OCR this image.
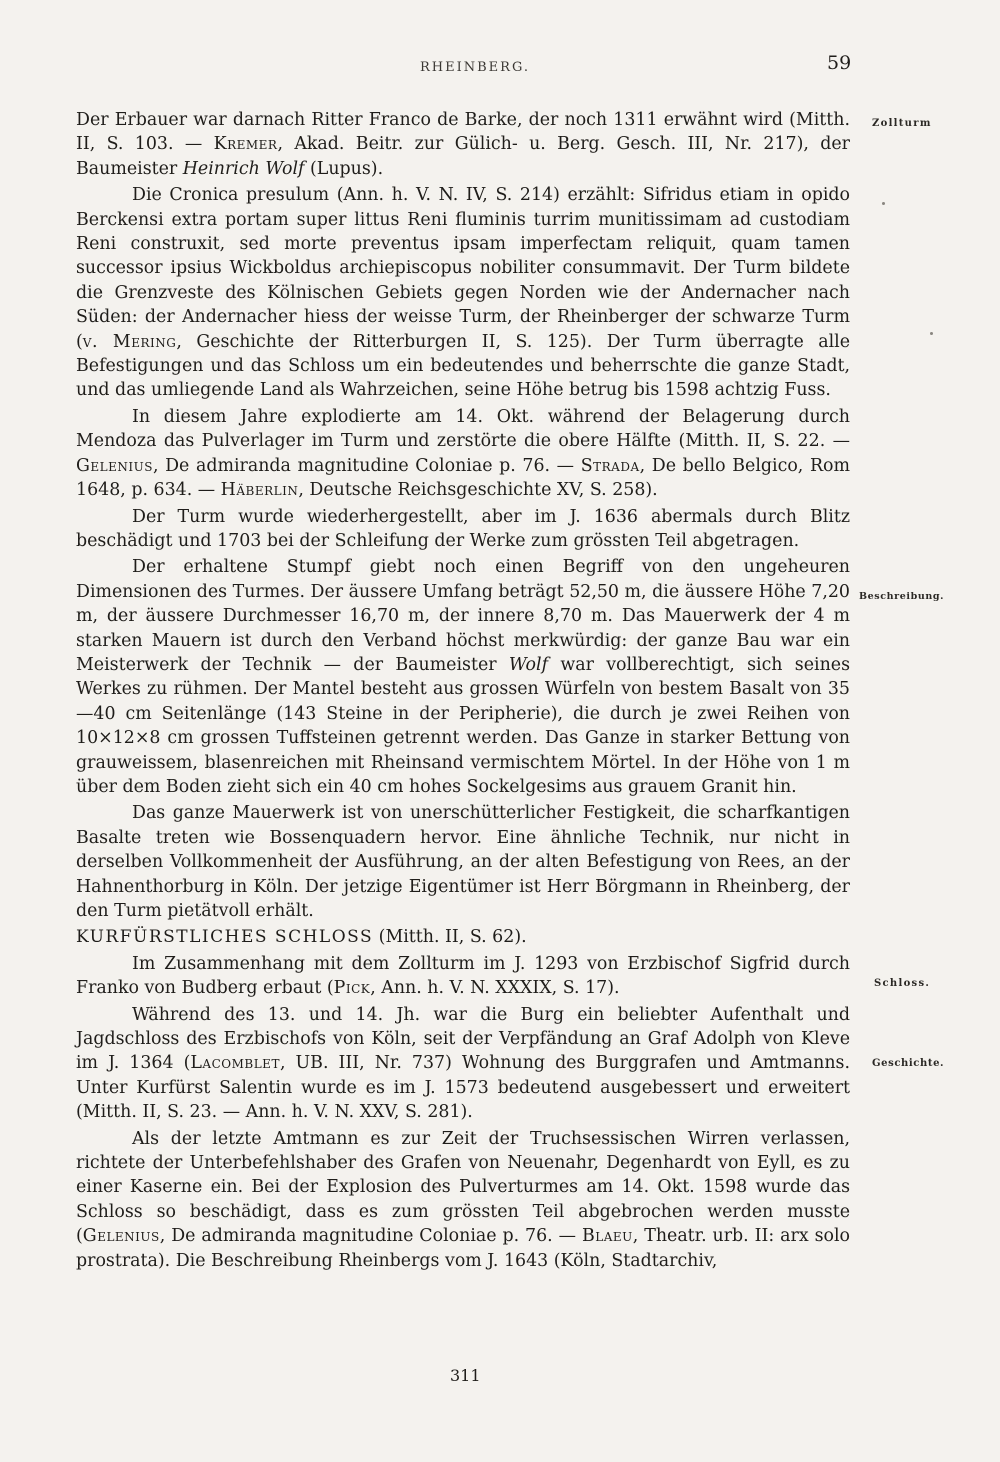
RHEINBERG.	59
Zollturm
Beschreibung.
Schloss.
Geschichte.

Der Erbauer war darnach Ritter Franco de Barke, der noch 1311 erwähnt wird (Mitth. II, S. 103. — Kremer, Akad. Beitr. zur Gülich- u. Berg. Gesch. III, Nr. 217), der Baumeister Heinrich Wolf (Lupus).

Die Cronica presulum (Ann. h. V. N. IV, S. 214) erzählt: Sifridus etiam in opido Berckensi extra portam super littus Reni fluminis turrim munitissimam ad custodiam Reni construxit, sed morte preventus ipsam imperfectam reliquit, quam tamen successor ipsius Wickboldus archiepiscopus nobiliter consummavit. Der Turm bildete die Grenzveste des Kölnischen Gebiets gegen Norden wie der Andernacher nach Süden: der Andernacher hiess der weisse Turm, der Rheinberger der schwarze Turm (v. Mering, Geschichte der Ritterburgen II, S. 125). Der Turm überragte alle Befestigungen und das Schloss um ein bedeutendes und beherrschte die ganze Stadt, und das umliegende Land als Wahrzeichen, seine Höhe betrug bis 1598 achtzig Fuss.

In diesem Jahre explodierte am 14. Okt. während der Belagerung durch Mendoza das Pulverlager im Turm und zerstörte die obere Hälfte (Mitth. II, S. 22. — Gelenius, De admiranda magnitudine Coloniae p. 76. — Strada, De bello Belgico, Rom 1648, p. 634. — Häberlin, Deutsche Reichsgeschichte XV, S. 258).

Der Turm wurde wiederhergestellt, aber im J. 1636 abermals durch Blitz beschädigt und 1703 bei der Schleifung der Werke zum grössten Teil abgetragen.

Der erhaltene Stumpf giebt noch einen Begriff von den ungeheuren Dimensionen des Turmes. Der äussere Umfang beträgt 52,50 m, die äussere Höhe 7,20 m, der äussere Durchmesser 16,70 m, der innere 8,70 m. Das Mauerwerk der 4 m starken Mauern ist durch den Verband höchst merkwürdig: der ganze Bau war ein Meisterwerk der Technik — der Baumeister Wolf war vollberechtigt, sich seines Werkes zu rühmen. Der Mantel besteht aus grossen Würfeln von bestem Basalt von 35—40 cm Seitenlänge (143 Steine in der Peripherie), die durch je zwei Reihen von 10×12×8 cm grossen Tuffsteinen getrennt werden. Das Ganze in starker Bettung von grauweissem, blasenreichen mit Rheinsand vermischtem Mörtel. In der Höhe von 1 m über dem Boden zieht sich ein 40 cm hohes Sockelgesims aus grauem Granit hin.

Das ganze Mauerwerk ist von unerschütterlicher Festigkeit, die scharfkantigen Basalte treten wie Bossenquadern hervor. Eine ähnliche Technik, nur nicht in derselben Vollkommenheit der Ausführung, an der alten Befestigung von Rees, an der Hahnenthorburg in Köln. Der jetzige Eigentümer ist Herr Börgmann in Rheinberg, der den Turm pietätvoll erhält.

KURFÜRSTLICHES SCHLOSS (Mitth. II, S. 62).

Im Zusammenhang mit dem Zollturm im J. 1293 von Erzbischof Sigfrid durch Franko von Budberg erbaut (Pick, Ann. h. V. N. XXXIX, S. 17).

Während des 13. und 14. Jh. war die Burg ein beliebter Aufenthalt und Jagdschloss des Erzbischofs von Köln, seit der Verpfändung an Graf Adolph von Kleve im J. 1364 (Lacomblet, UB. III, Nr. 737) Wohnung des Burggrafen und Amtmanns. Unter Kurfürst Salentin wurde es im J. 1573 bedeutend ausgebessert und erweitert (Mitth. II, S. 23. — Ann. h. V. N. XXV, S. 281).

Als der letzte Amtmann es zur Zeit der Truchsessischen Wirren verlassen, richtete der Unterbefehlshaber des Grafen von Neuenahr, Degenhardt von Eyll, es zu einer Kaserne ein. Bei der Explosion des Pulverturmes am 14. Okt. 1598 wurde das Schloss so beschädigt, dass es zum grössten Teil abgebrochen werden musste (Gelenius, De admiranda magnitudine Coloniae p. 76. — Blaeu, Theatr. urb. II: arx solo prostrata). Die Beschreibung Rheinbergs vom J. 1643 (Köln, Stadtarchiv,

311
